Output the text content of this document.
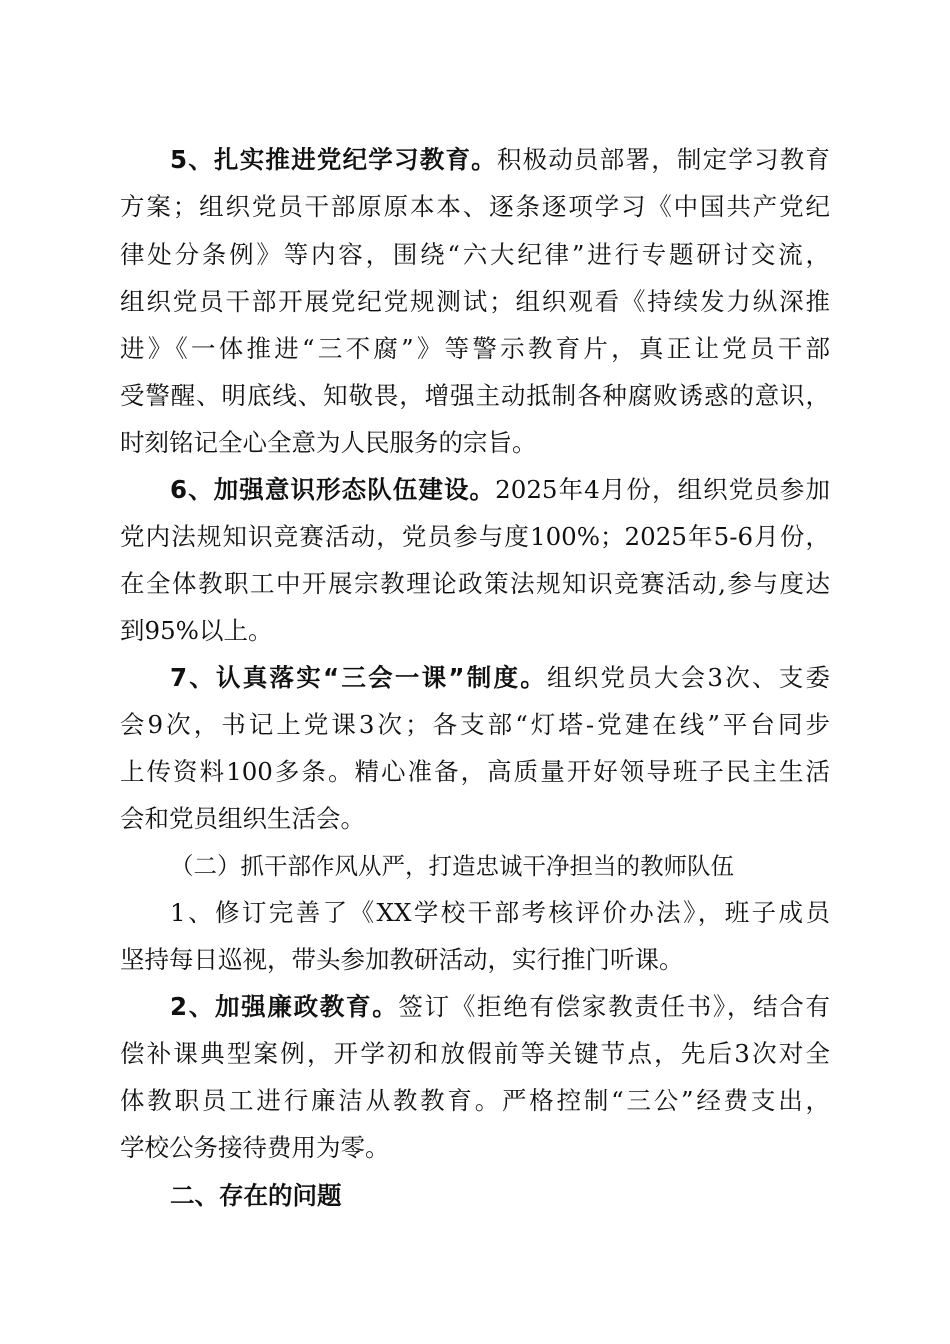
5、扎实推进党纪学习教育。积极动员部署，制定学习教育
方案；组织党员干部原原本本、逐条逐项学习《中国共产党纪
律处分条例》等内容，围绕“六大纪律”进行专题研讨交流，
组织党员干部开展党纪党规测试；组织观看《持续发力纵深推
进》《一体推进“三不腐”》等警示教育片，真正让党员干部
受警醒、明底线、知敬畏，增强主动抵制各种腐败诱惑的意识，
时刻铭记全心全意为人民服务的宗旨。
6、加强意识形态队伍建设。2025年4月份，组织党员参加
党内法规知识竞赛活动，党员参与度100%；2025年5-6月份，
在全体教职工中开展宗教理论政策法规知识竞赛活动,参与度达
到95%以上。
7、认真落实“三会一课”制度。组织党员大会3次、支委
会9次，书记上党课3次；各支部“灯塔-党建在线”平台同步
上传资料100多条。精心准备，高质量开好领导班子民主生活
会和党员组织生活会。
（二）抓干部作风从严，打造忠诚干净担当的教师队伍
1、修订完善了《XX学校干部考核评价办法》，班子成员
坚持每日巡视，带头参加教研活动，实行推门听课。
2、加强廉政教育。签订《拒绝有偿家教责任书》，结合有
偿补课典型案例，开学初和放假前等关键节点，先后3次对全
体教职员工进行廉洁从教教育。严格控制“三公”经费支出，
学校公务接待费用为零。
二、存在的问题
